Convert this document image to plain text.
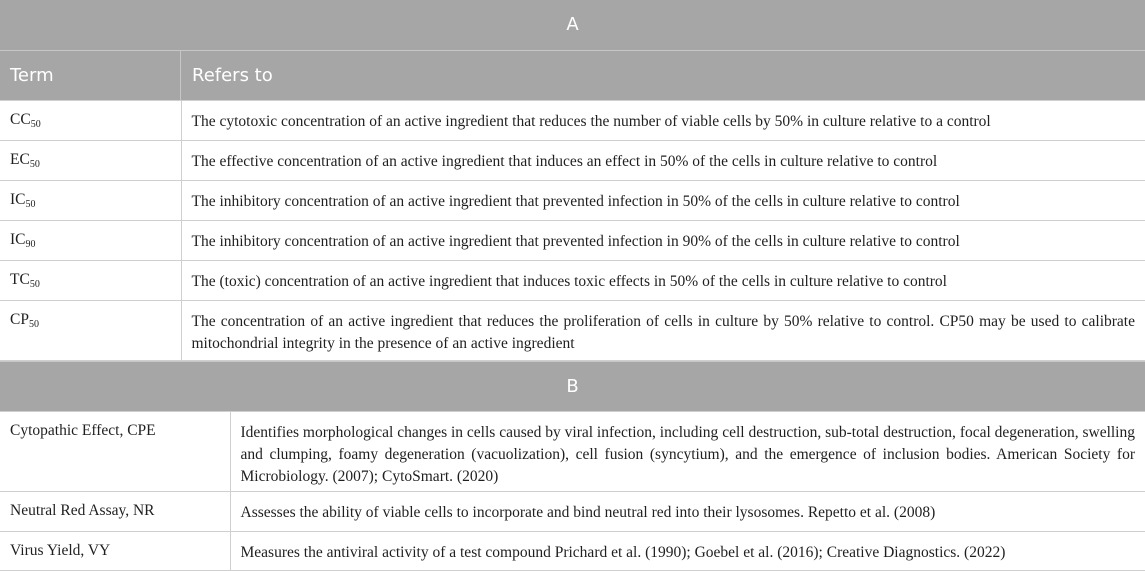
A
Term	Refers to
CC50	The cytotoxic concentration of an active ingredient that reduces the number of viable cells by 50% in culture relative to a control
EC50	The effective concentration of an active ingredient that induces an effect in 50% of the cells in culture relative to control
IC50	The inhibitory concentration of an active ingredient that prevented infection in 50% of the cells in culture relative to control
IC90	The inhibitory concentration of an active ingredient that prevented infection in 90% of the cells in culture relative to control
TC50	The (toxic) concentration of an active ingredient that induces toxic effects in 50% of the cells in culture relative to control
CP50	The concentration of an active ingredient that reduces the proliferation of cells in culture by 50% relative to control. CP50 may be used to calibrate mitochondrial integrity in the presence of an active ingredient
B
Cytopathic Effect, CPE	Identifies morphological changes in cells caused by viral infection, including cell destruction, sub-total destruction, focal degeneration, swelling and clumping, foamy degeneration (vacuolization), cell fusion (syncytium), and the emergence of inclusion bodies. American Society for Microbiology. (2007); CytoSmart. (2020)
Neutral Red Assay, NR	Assesses the ability of viable cells to incorporate and bind neutral red into their lysosomes. Repetto et al. (2008)
Virus Yield, VY	Measures the antiviral activity of a test compound Prichard et al. (1990); Goebel et al. (2016); Creative Diagnostics. (2022)
